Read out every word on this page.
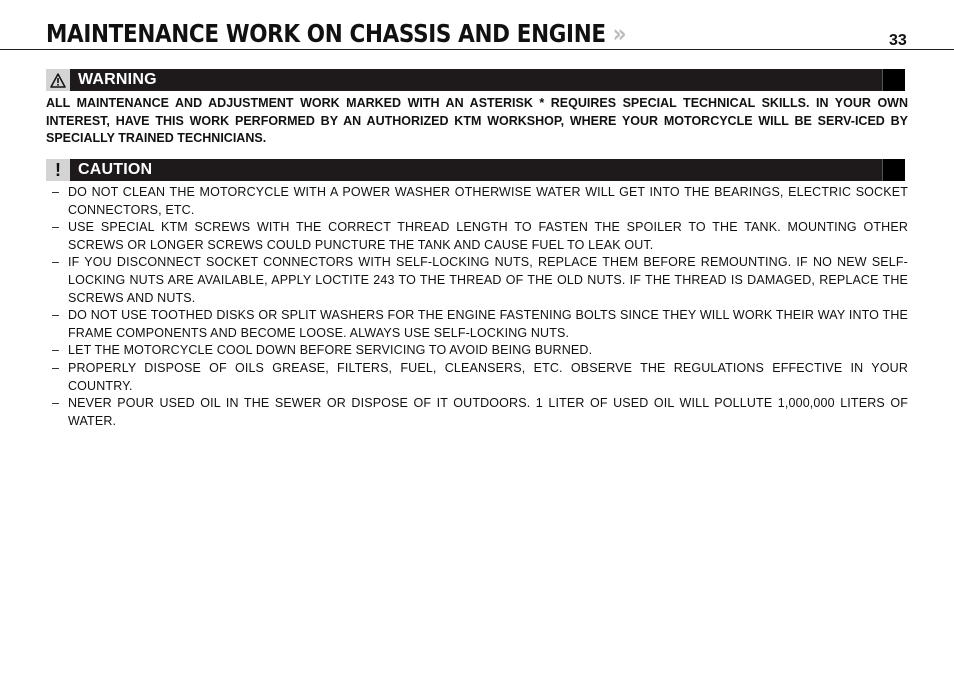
MAINTENANCE WORK ON CHASSIS AND ENGINE »	33
WARNING
ALL MAINTENANCE AND ADJUSTMENT WORK MARKED WITH AN ASTERISK * REQUIRES SPECIAL TECHNICAL SKILLS. IN YOUR OWN INTEREST, HAVE THIS WORK PERFORMED BY AN AUTHORIZED KTM WORKSHOP, WHERE YOUR MOTORCYCLE WILL BE SERV-ICED BY SPECIALLY TRAINED TECHNICIANS.
! CAUTION
– DO NOT CLEAN THE MOTORCYCLE WITH A POWER WASHER OTHERWISE WATER WILL GET INTO THE BEARINGS, ELECTRIC SOCKET CONNECTORS, ETC.
– USE SPECIAL KTM SCREWS WITH THE CORRECT THREAD LENGTH TO FASTEN THE SPOILER TO THE TANK. MOUNTING OTHER SCREWS OR LONGER SCREWS COULD PUNCTURE THE TANK AND CAUSE FUEL TO LEAK OUT.
– IF YOU DISCONNECT SOCKET CONNECTORS WITH SELF-LOCKING NUTS, REPLACE THEM BEFORE REMOUNTING. IF NO NEW SELF-LOCKING NUTS ARE AVAILABLE, APPLY LOCTITE 243 TO THE THREAD OF THE OLD NUTS. IF THE THREAD IS DAMAGED, REPLACE THE SCREWS AND NUTS.
– DO NOT USE TOOTHED DISKS OR SPLIT WASHERS FOR THE ENGINE FASTENING BOLTS SINCE THEY WILL WORK THEIR WAY INTO THE FRAME COMPONENTS AND BECOME LOOSE. ALWAYS USE SELF-LOCKING NUTS.
– LET THE MOTORCYCLE COOL DOWN BEFORE SERVICING TO AVOID BEING BURNED.
– PROPERLY DISPOSE OF OILS GREASE, FILTERS, FUEL, CLEANSERS, ETC. OBSERVE THE REGULATIONS EFFECTIVE IN YOUR COUNTRY.
– NEVER POUR USED OIL IN THE SEWER OR DISPOSE OF IT OUTDOORS. 1 LITER OF USED OIL WILL POLLUTE 1,000,000 LITERS OF WATER.
